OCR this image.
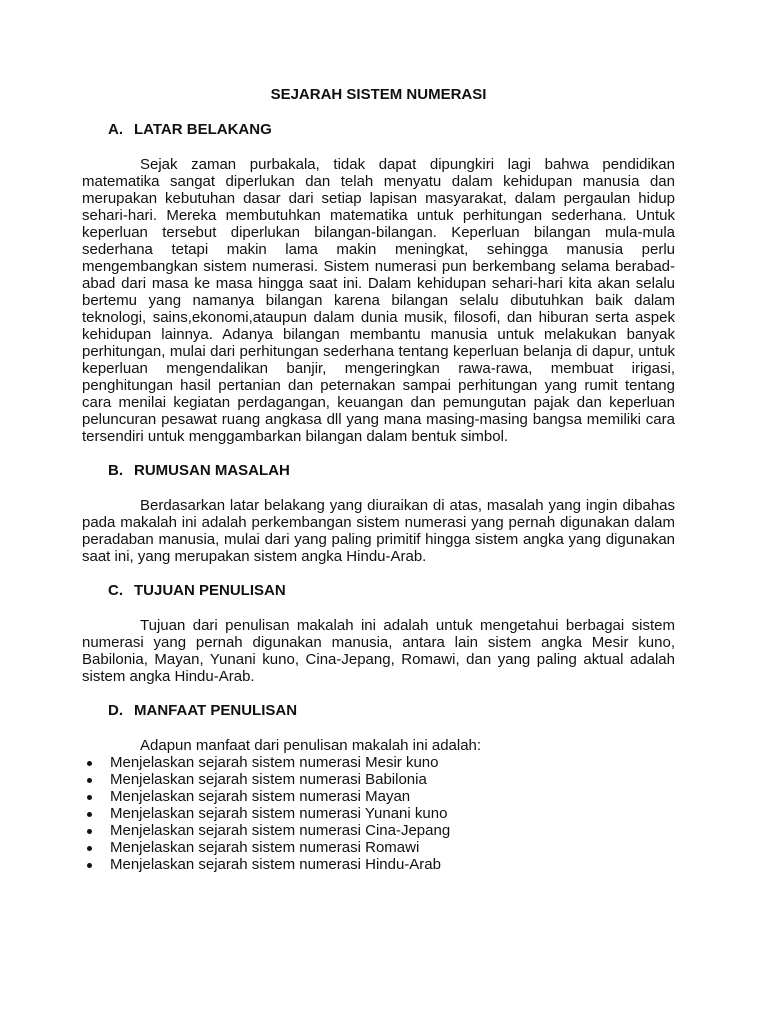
SEJARAH SISTEM NUMERASI
A. LATAR BELAKANG

Sejak zaman purbakala, tidak dapat dipungkiri lagi bahwa pendidikan matematika sangat diperlukan dan telah menyatu dalam kehidupan manusia dan merupakan kebutuhan dasar dari setiap lapisan masyarakat, dalam pergaulan hidup sehari-hari. Mereka membutuhkan matematika untuk perhitungan sederhana. Untuk keperluan tersebut diperlukan bilangan-bilangan. Keperluan bilangan mula-mula sederhana tetapi makin lama makin meningkat, sehingga manusia perlu mengembangkan sistem numerasi. Sistem numerasi pun berkembang selama berabad-abad dari masa ke masa hingga saat ini. Dalam kehidupan sehari-hari kita akan selalu bertemu yang namanya bilangan karena bilangan selalu dibutuhkan baik dalam teknologi, sains,ekonomi,ataupun dalam dunia musik, filosofi, dan hiburan serta aspek kehidupan lainnya. Adanya bilangan membantu manusia untuk melakukan banyak perhitungan, mulai dari perhitungan sederhana tentang keperluan belanja di dapur, untuk keperluan mengendalikan banjir, mengeringkan rawa-rawa, membuat irigasi, penghitungan hasil pertanian dan peternakan sampai perhitungan yang rumit tentang cara menilai kegiatan perdagangan, keuangan dan pemungutan pajak dan keperluan peluncuran pesawat ruang angkasa dll yang mana masing-masing bangsa memiliki cara tersendiri untuk menggambarkan bilangan dalam bentuk simbol.

B. RUMUSAN MASALAH

Berdasarkan latar belakang yang diuraikan di atas, masalah yang ingin dibahas pada makalah ini adalah perkembangan sistem numerasi yang pernah digunakan dalam peradaban manusia, mulai dari yang paling primitif hingga sistem angka yang digunakan saat ini, yang merupakan sistem angka Hindu-Arab.

C. TUJUAN PENULISAN

Tujuan dari penulisan makalah ini adalah untuk mengetahui berbagai sistem numerasi yang pernah digunakan manusia, antara lain sistem angka Mesir kuno, Babilonia, Mayan, Yunani kuno, Cina-Jepang, Romawi, dan yang paling aktual adalah sistem angka Hindu-Arab.

D. MANFAAT PENULISAN

Adapun manfaat dari penulisan makalah ini adalah:

Menjelaskan sejarah sistem numerasi Mesir kuno
Menjelaskan sejarah sistem numerasi Babilonia
Menjelaskan sejarah sistem numerasi Mayan
Menjelaskan sejarah sistem numerasi Yunani kuno
Menjelaskan sejarah sistem numerasi Cina-Jepang
Menjelaskan sejarah sistem numerasi Romawi
Menjelaskan sejarah sistem numerasi Hindu-Arab
